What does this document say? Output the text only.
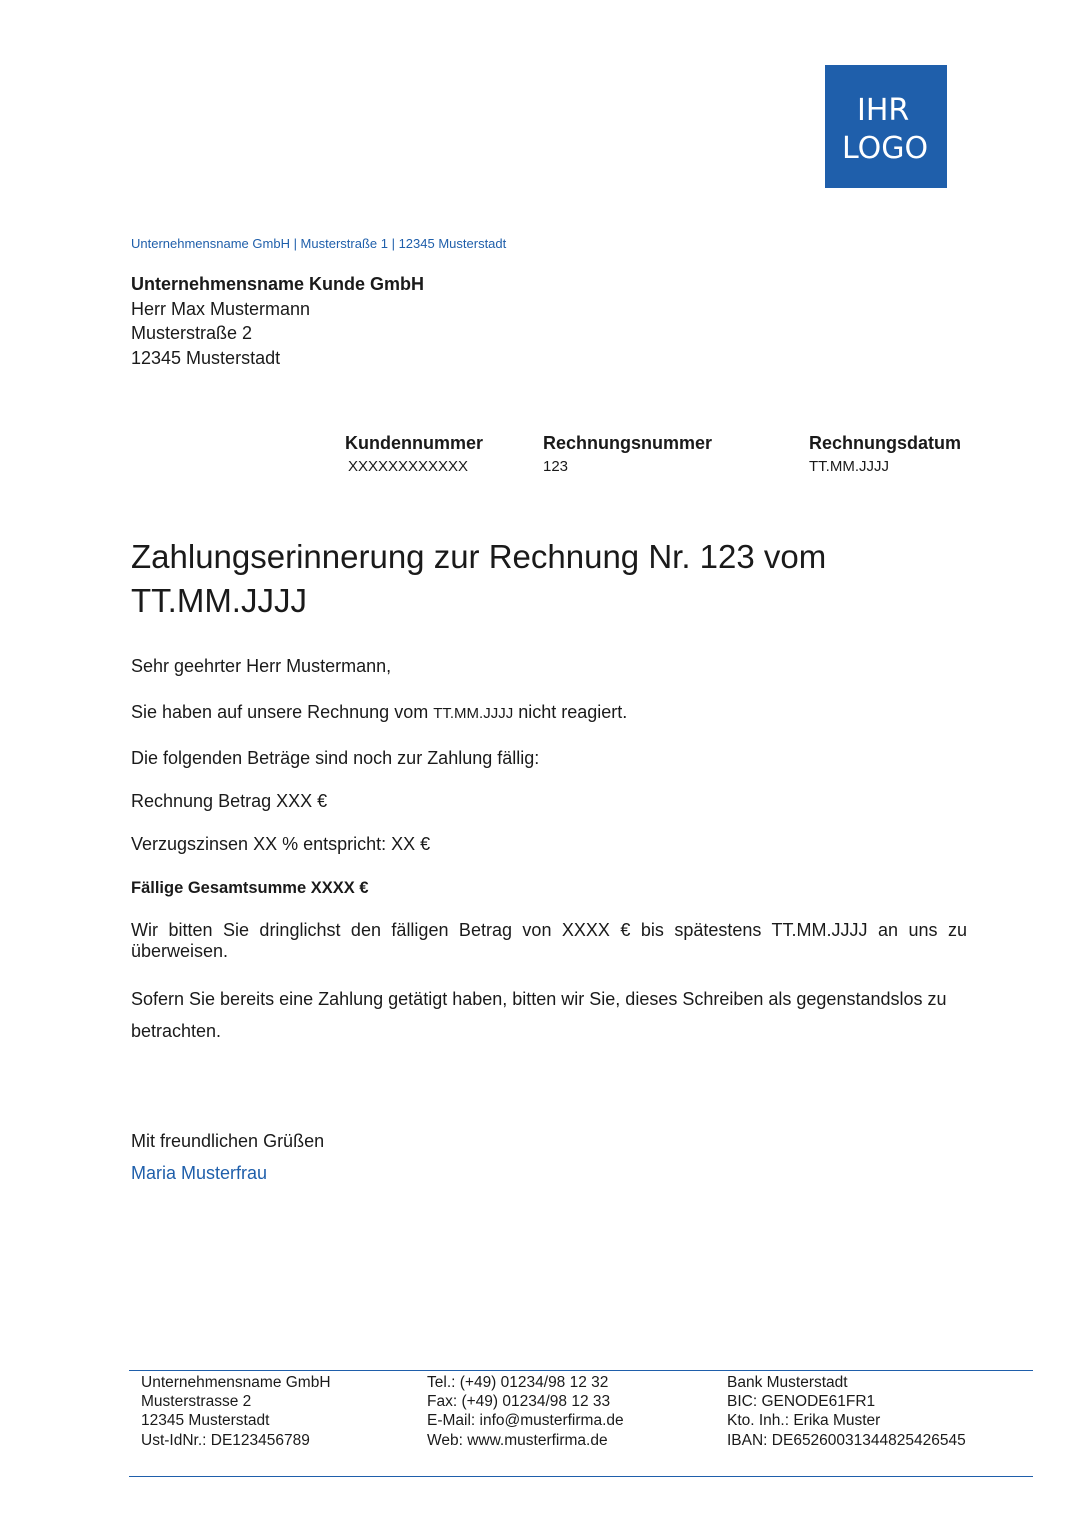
IHR
LOGO
Unternehmensname GmbH | Musterstraße 1 | 12345 Musterstadt
Unternehmensname Kunde GmbH
Herr Max Mustermann
Musterstraße 2
12345 Musterstadt
Kundennummer
XXXXXXXXXXXX
Rechnungsnummer
123
Rechnungsdatum
TT.MM.JJJJ
Zahlungserinnerung zur Rechnung Nr. 123 vom TT.MM.JJJJ
Sehr geehrter Herr Mustermann,
Sie haben auf unsere Rechnung vom TT.MM.JJJJ nicht reagiert.
Die folgenden Beträge sind noch zur Zahlung fällig:
Rechnung Betrag XXX €
Verzugszinsen XX % entspricht: XX €
Fällige Gesamtsumme XXXX €
Wir bitten Sie dringlichst den fälligen Betrag von XXXX € bis spätestens TT.MM.JJJJ an uns zu überweisen.
Sofern Sie bereits eine Zahlung getätigt haben, bitten wir Sie, dieses Schreiben als gegenstandslos zu betrachten.
Mit freundlichen Grüßen
Maria Musterfrau
Unternehmensname GmbH
Musterstrasse 2
12345 Musterstadt
Ust-IdNr.: DE123456789
Tel.: (+49) 01234/98 12 32
Fax: (+49) 01234/98 12 33
E-Mail: info@musterfirma.de
Web: www.musterfirma.de
Bank Musterstadt
BIC: GENODE61FR1
Kto. Inh.: Erika Muster
IBAN: DE65260031344825426545
